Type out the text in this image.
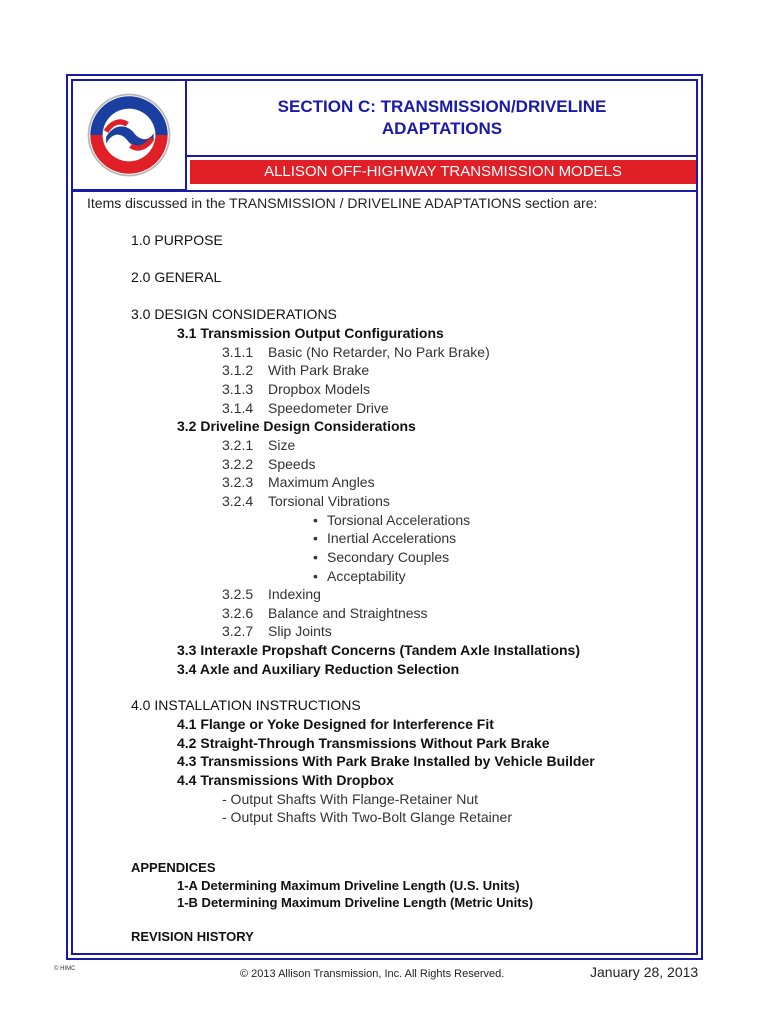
SECTION C: TRANSMISSION/DRIVELINE
ADAPTATIONS
ALLISON OFF-HIGHWAY TRANSMISSION MODELS
Items discussed in the TRANSMISSION / DRIVELINE ADAPTATIONS section are:
1.0 PURPOSE
2.0 GENERAL
3.0 DESIGN CONSIDERATIONS
3.1 Transmission Output Configurations
3.1.1 Basic (No Retarder, No Park Brake)
3.1.2 With Park Brake
3.1.3 Dropbox Models
3.1.4 Speedometer Drive
3.2 Driveline Design Considerations
3.2.1 Size
3.2.2 Speeds
3.2.3 Maximum Angles
3.2.4 Torsional Vibrations
• Torsional Accelerations
• Inertial Accelerations
• Secondary Couples
• Acceptability
3.2.5 Indexing
3.2.6 Balance and Straightness
3.2.7 Slip Joints
3.3 Interaxle Propshaft Concerns (Tandem Axle Installations)
3.4 Axle and Auxiliary Reduction Selection
4.0 INSTALLATION INSTRUCTIONS
4.1 Flange or Yoke Designed for Interference Fit
4.2 Straight-Through Transmissions Without Park Brake
4.3 Transmissions With Park Brake Installed by Vehicle Builder
4.4 Transmissions With Dropbox
- Output Shafts With Flange-Retainer Nut
- Output Shafts With Two-Bolt Glange Retainer
APPENDICES
1-A Determining Maximum Driveline Length (U.S. Units)
1-B Determining Maximum Driveline Length (Metric Units)
REVISION HISTORY
© HIMC	© 2013 Allison Transmission, Inc. All Rights Reserved.	January 28, 2013
